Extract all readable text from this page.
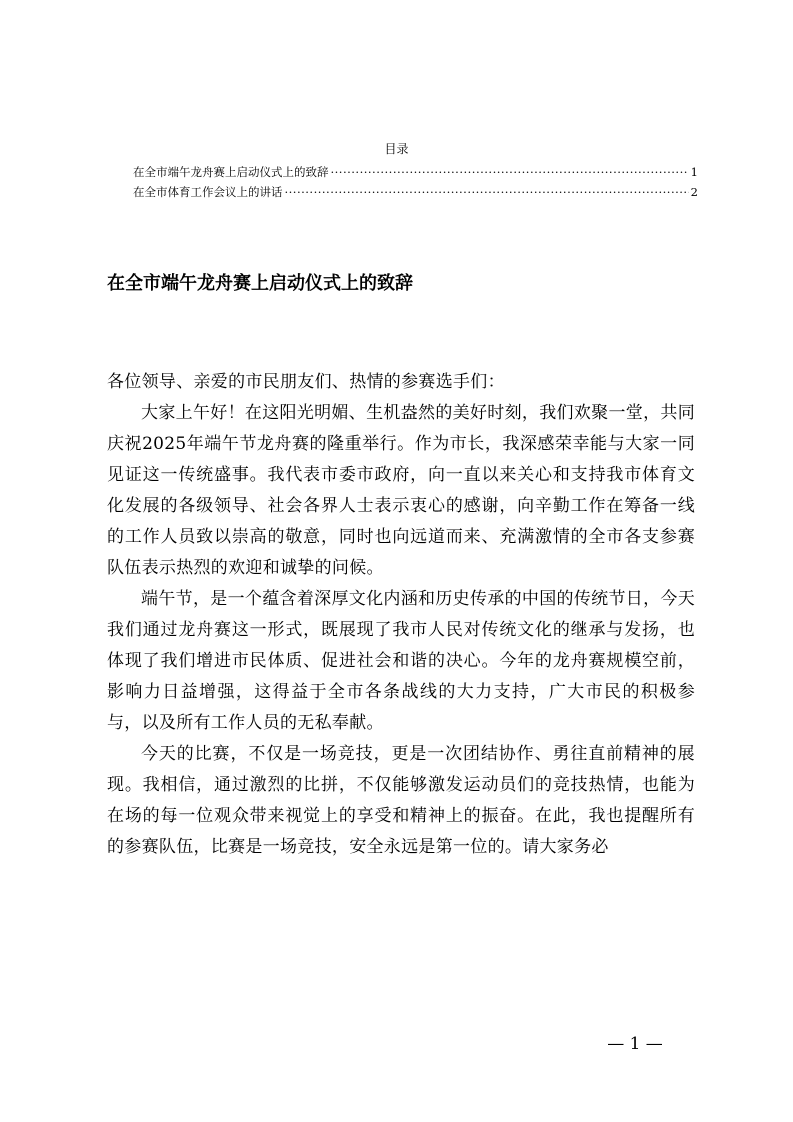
目录
在全市端午龙舟赛上启动仪式上的致辞 .....	1
在全市体育工作会议上的讲话 .....	2
在全市端午龙舟赛上启动仪式上的致辞

各位领导、亲爱的市民朋友们、热情的参赛选手们：

大家上午好！在这阳光明媚、生机盎然的美好时刻，我们欢聚一堂，共同庆祝2025年端午节龙舟赛的隆重举行。作为市长，我深感荣幸能与大家一同见证这一传统盛事。我代表市委市政府，向一直以来关心和支持我市体育文化发展的各级领导、社会各界人士表示衷心的感谢，向辛勤工作在筹备一线的工作人员致以崇高的敬意，同时也向远道而来、充满激情的全市各支参赛队伍表示热烈的欢迎和诚挚的问候。

端午节，是一个蕴含着深厚文化内涵和历史传承的中国的传统节日，今天我们通过龙舟赛这一形式，既展现了我市人民对传统文化的继承与发扬，也体现了我们增进市民体质、促进社会和谐的决心。今年的龙舟赛规模空前，影响力日益增强，这得益于全市各条战线的大力支持，广大市民的积极参与，以及所有工作人员的无私奉献。

今天的比赛，不仅是一场竞技，更是一次团结协作、勇往直前精神的展现。我相信，通过激烈的比拼，不仅能够激发运动员们的竞技热情，也能为在场的每一位观众带来视觉上的享受和精神上的振奋。在此，我也提醒所有的参赛队伍，比赛是一场竞技，安全永远是第一位的。请大家务必

— 1 —
